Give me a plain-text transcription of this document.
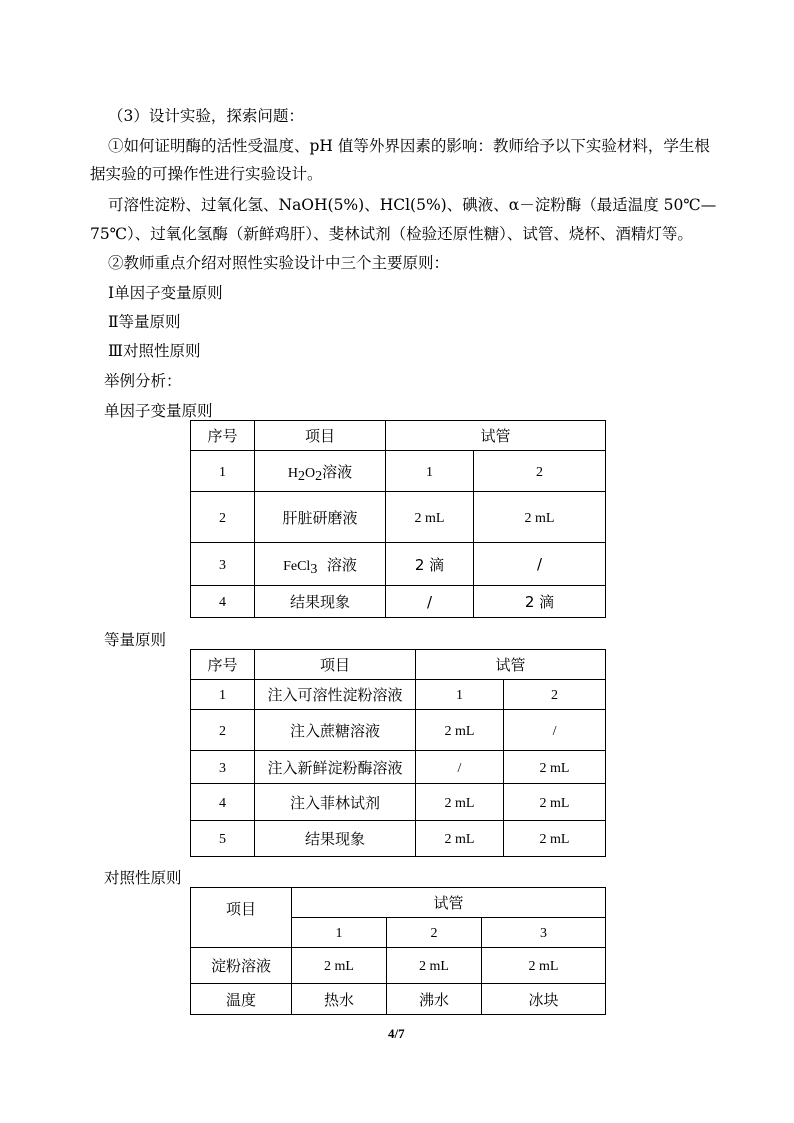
（3）设计实验，探索问题：
①如何证明酶的活性受温度、pH 值等外界因素的影响：教师给予以下实验材料，学生根
据实验的可操作性进行实验设计。
可溶性淀粉、过氧化氢、NaOH(5%)、HCl(5%)、碘液、α－淀粉酶（最适温度 50℃—
75℃）、过氧化氢酶（新鲜鸡肝）、斐林试剂（检验还原性糖）、试管、烧杯、酒精灯等。
②教师重点介绍对照性实验设计中三个主要原则：
Ⅰ单因子变量原则
Ⅱ等量原则
Ⅲ对照性原则
举例分析：
单因子变量原则
序号	项目	试管	
1	$H_2O_2$溶液	1	2
2	肝脏研磨液	2 mL	2 mL
3	FeCl$_3$ 溶液	2 滴	/
4	结果现象	/	2 滴
等量原则
序号	项目	试管	
1	注入可溶性淀粉溶液	1	2
2	注入蔗糖溶液	2 mL	/
3	注入新鲜淀粉酶溶液	/	2 mL
4	注入菲林试剂	2 mL	2 mL
5	结果现象	2 mL	2 mL
对照性原则
项目	试管		
	1	2	3
淀粉溶液	2 mL	2 mL	2 mL
温度	热水	沸水	冰块
4/7
